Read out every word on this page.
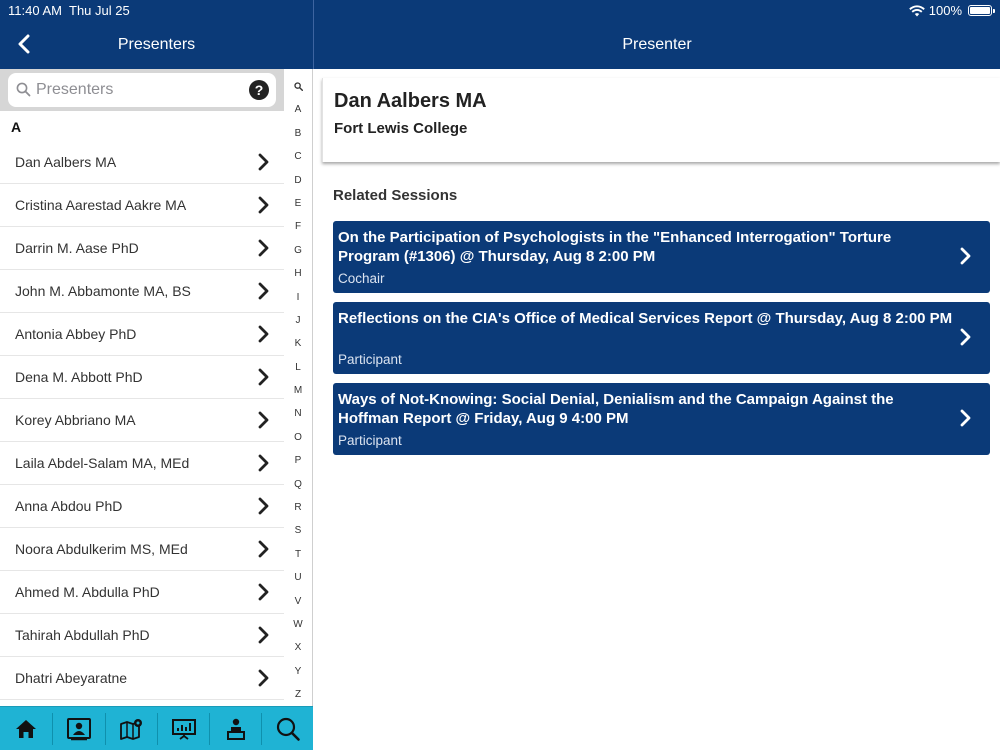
11:40 AM Thu Jul 25	100%
Presenters	Presenter
Presenters
?
A
Dan Aalbers MA
Cristina Aarestad Aakre MA
Darrin M. Aase PhD
John M. Abbamonte MA, BS
Antonia Abbey PhD
Dena M. Abbott PhD
Korey Abbriano MA
Laila Abdel-Salam MA, MEd
Anna Abdou PhD
Noora Abdulkerim MS, MEd
Ahmed M. Abdulla PhD
Tahirah Abdullah PhD
Dhatri Abeyaratne
A
B
C
D
E
F
G
H
I
J
K
L
M
N
O
P
Q
R
S
T
U
V
W
X
Y
Z
Dan Aalbers MA
Fort Lewis College
Related Sessions
On the Participation of Psychologists in the "Enhanced Interrogation" Torture Program (#1306) @ Thursday, Aug 8 2:00 PM
Cochair
Reflections on the CIA's Office of Medical Services Report @ Thursday, Aug 8 2:00 PM
Participant
Ways of Not-Knowing: Social Denial, Denialism and the Campaign Against the Hoffman Report @ Friday, Aug 9 4:00 PM
Participant
